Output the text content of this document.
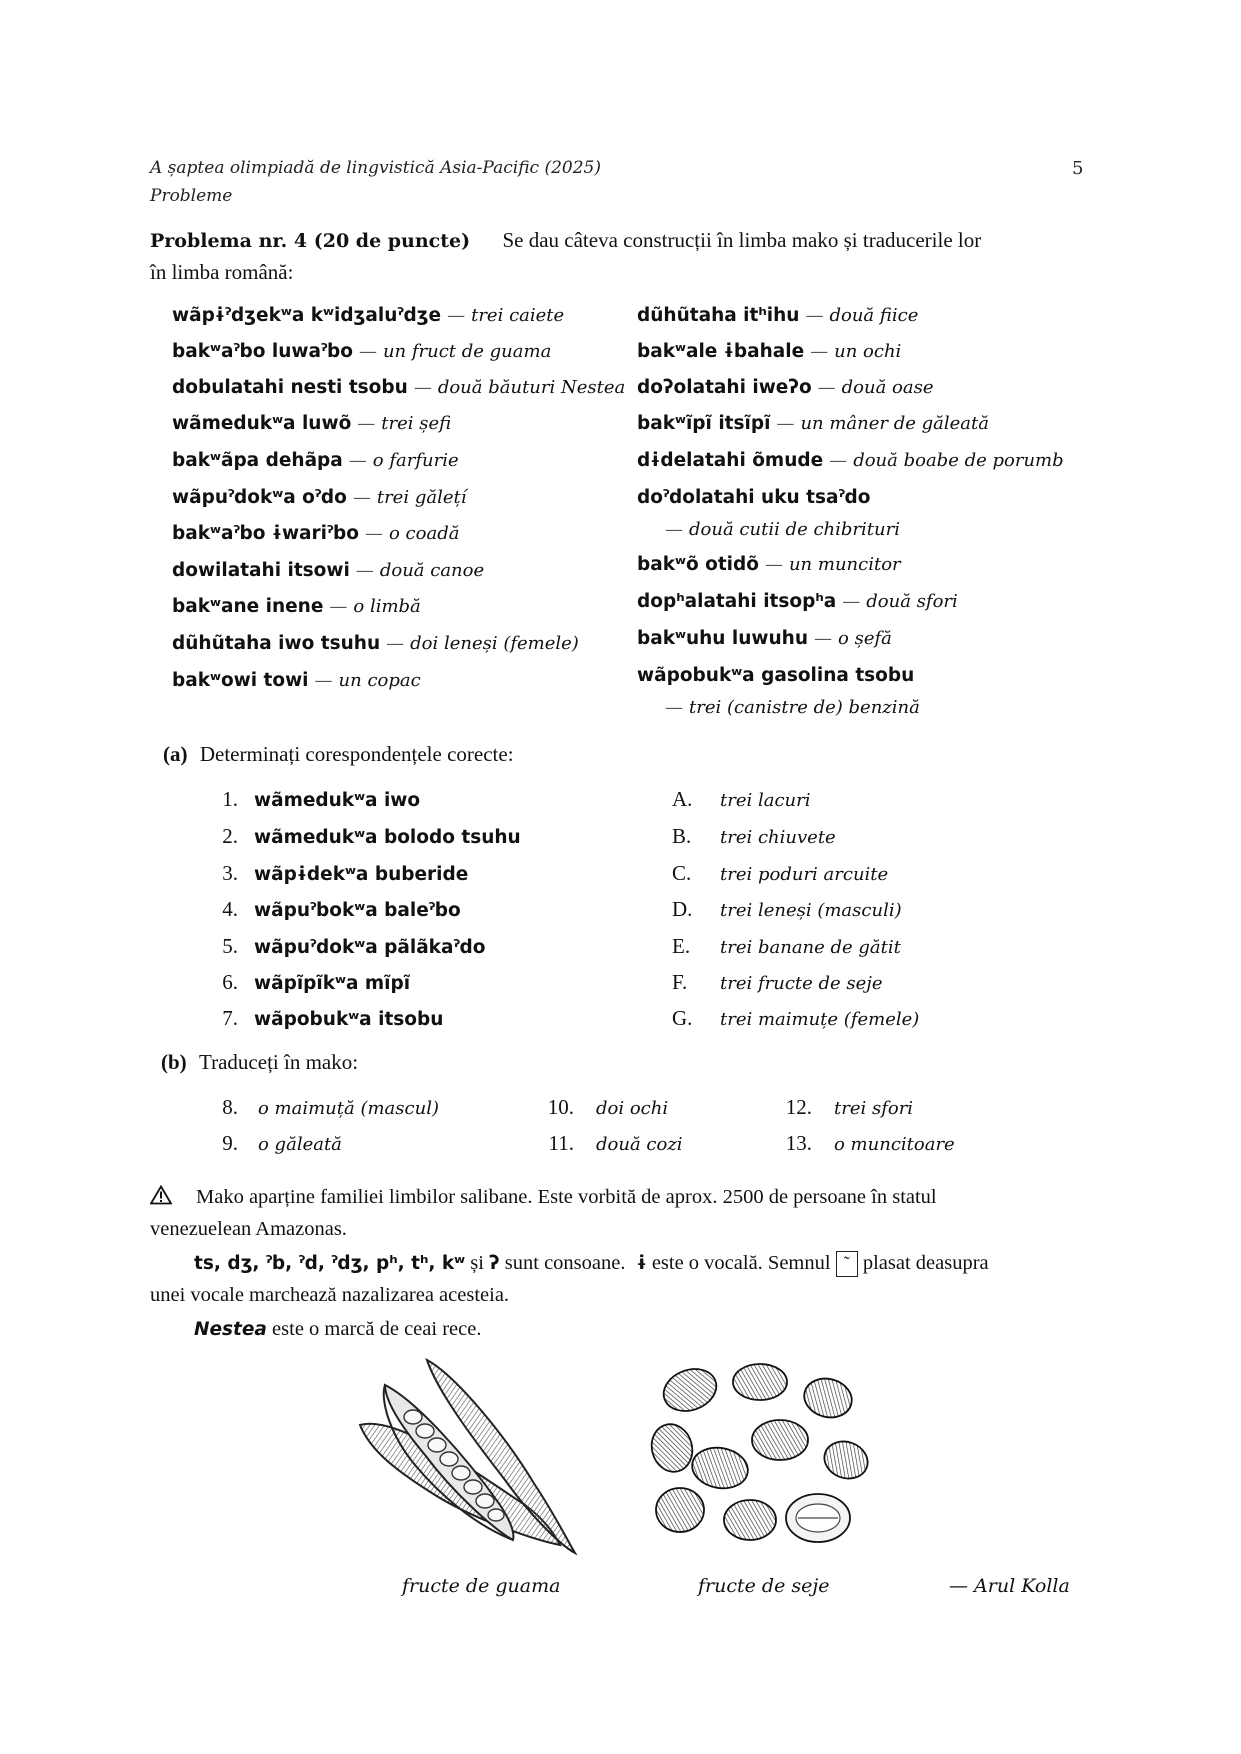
A șaptea olimpiadă de lingvistică Asia-Pacific (2025)
Probleme
5
Problema nr. 4 (20 de puncte) Se dau câteva construcții în limba mako și traducerile lor
în limba română:
wãpɨˀdʒekʷa kʷidʒaluˀdʒe — trei caiete
bakʷaˀbo luwaˀbo — un fruct de guama
dobulatahi nesti tsobu — două băuturi Nestea
wãmedukʷa luwõ — trei șefi
bakʷãpa dehãpa — o farfurie
wãpuˀdokʷa oˀdo — trei gălețí
bakʷaˀbo ɨwariˀbo — o coadă
dowilatahi itsowi — două canoe
bakʷane inene — o limbă
dũhũtaha iwo tsuhu — doi leneși (femele)
bakʷowi towi — un copac
dũhũtaha itʰihu — două fiice
bakʷale ɨbahale — un ochi
doʔolatahi iweʔo — două oase
bakʷĩpĩ itsĩpĩ — un mâner de găleată
dɨdelatahi õmude — două boabe de porumb
doˀdolatahi uku tsaˀdo
— două cutii de chibrituri
bakʷõ otidõ — un muncitor
dopʰalatahi itsopʰa — două sfori
bakʷuhu luwuhu — o șefă
wãpobukʷa gasolina tsobu
— trei (canistre de) benzină
(a) Determinați corespondențele corecte:
1. wãmedukʷa iwo
2. wãmedukʷa bolodo tsuhu
3. wãpɨdekʷa buberide
4. wãpuˀbokʷa baleˀbo
5. wãpuˀdokʷa pãlãkaˀdo
6. wãpĩpĩkʷa mĩpĩ
7. wãpobukʷa itsobu
A. trei lacuri
B. trei chiuvete
C. trei poduri arcuite
D. trei leneși (masculi)
E. trei banane de gătit
F. trei fructe de seje
G. trei maimuțe (femele)
(b) Traduceți în mako:
8. o maimuță (mascul)
9. o găleată
10. doi ochi
11. două cozi
12. trei sfori
13. o muncitoare
Mako aparține familiei limbilor salibane. Este vorbită de aprox. 2500 de persoane în statul
venezuelean Amazonas.
ts, dʒ, ˀb, ˀd, ˀdʒ, pʰ, tʰ, kʷ și ʔ sunt consoane. ɨ este o vocală. Semnul ˜ plasat deasupra
unei vocale marchează nazalizarea acesteia.
Nestea este o marcă de ceai rece.
fructe de guama	fructe de seje	— Arul Kolla
